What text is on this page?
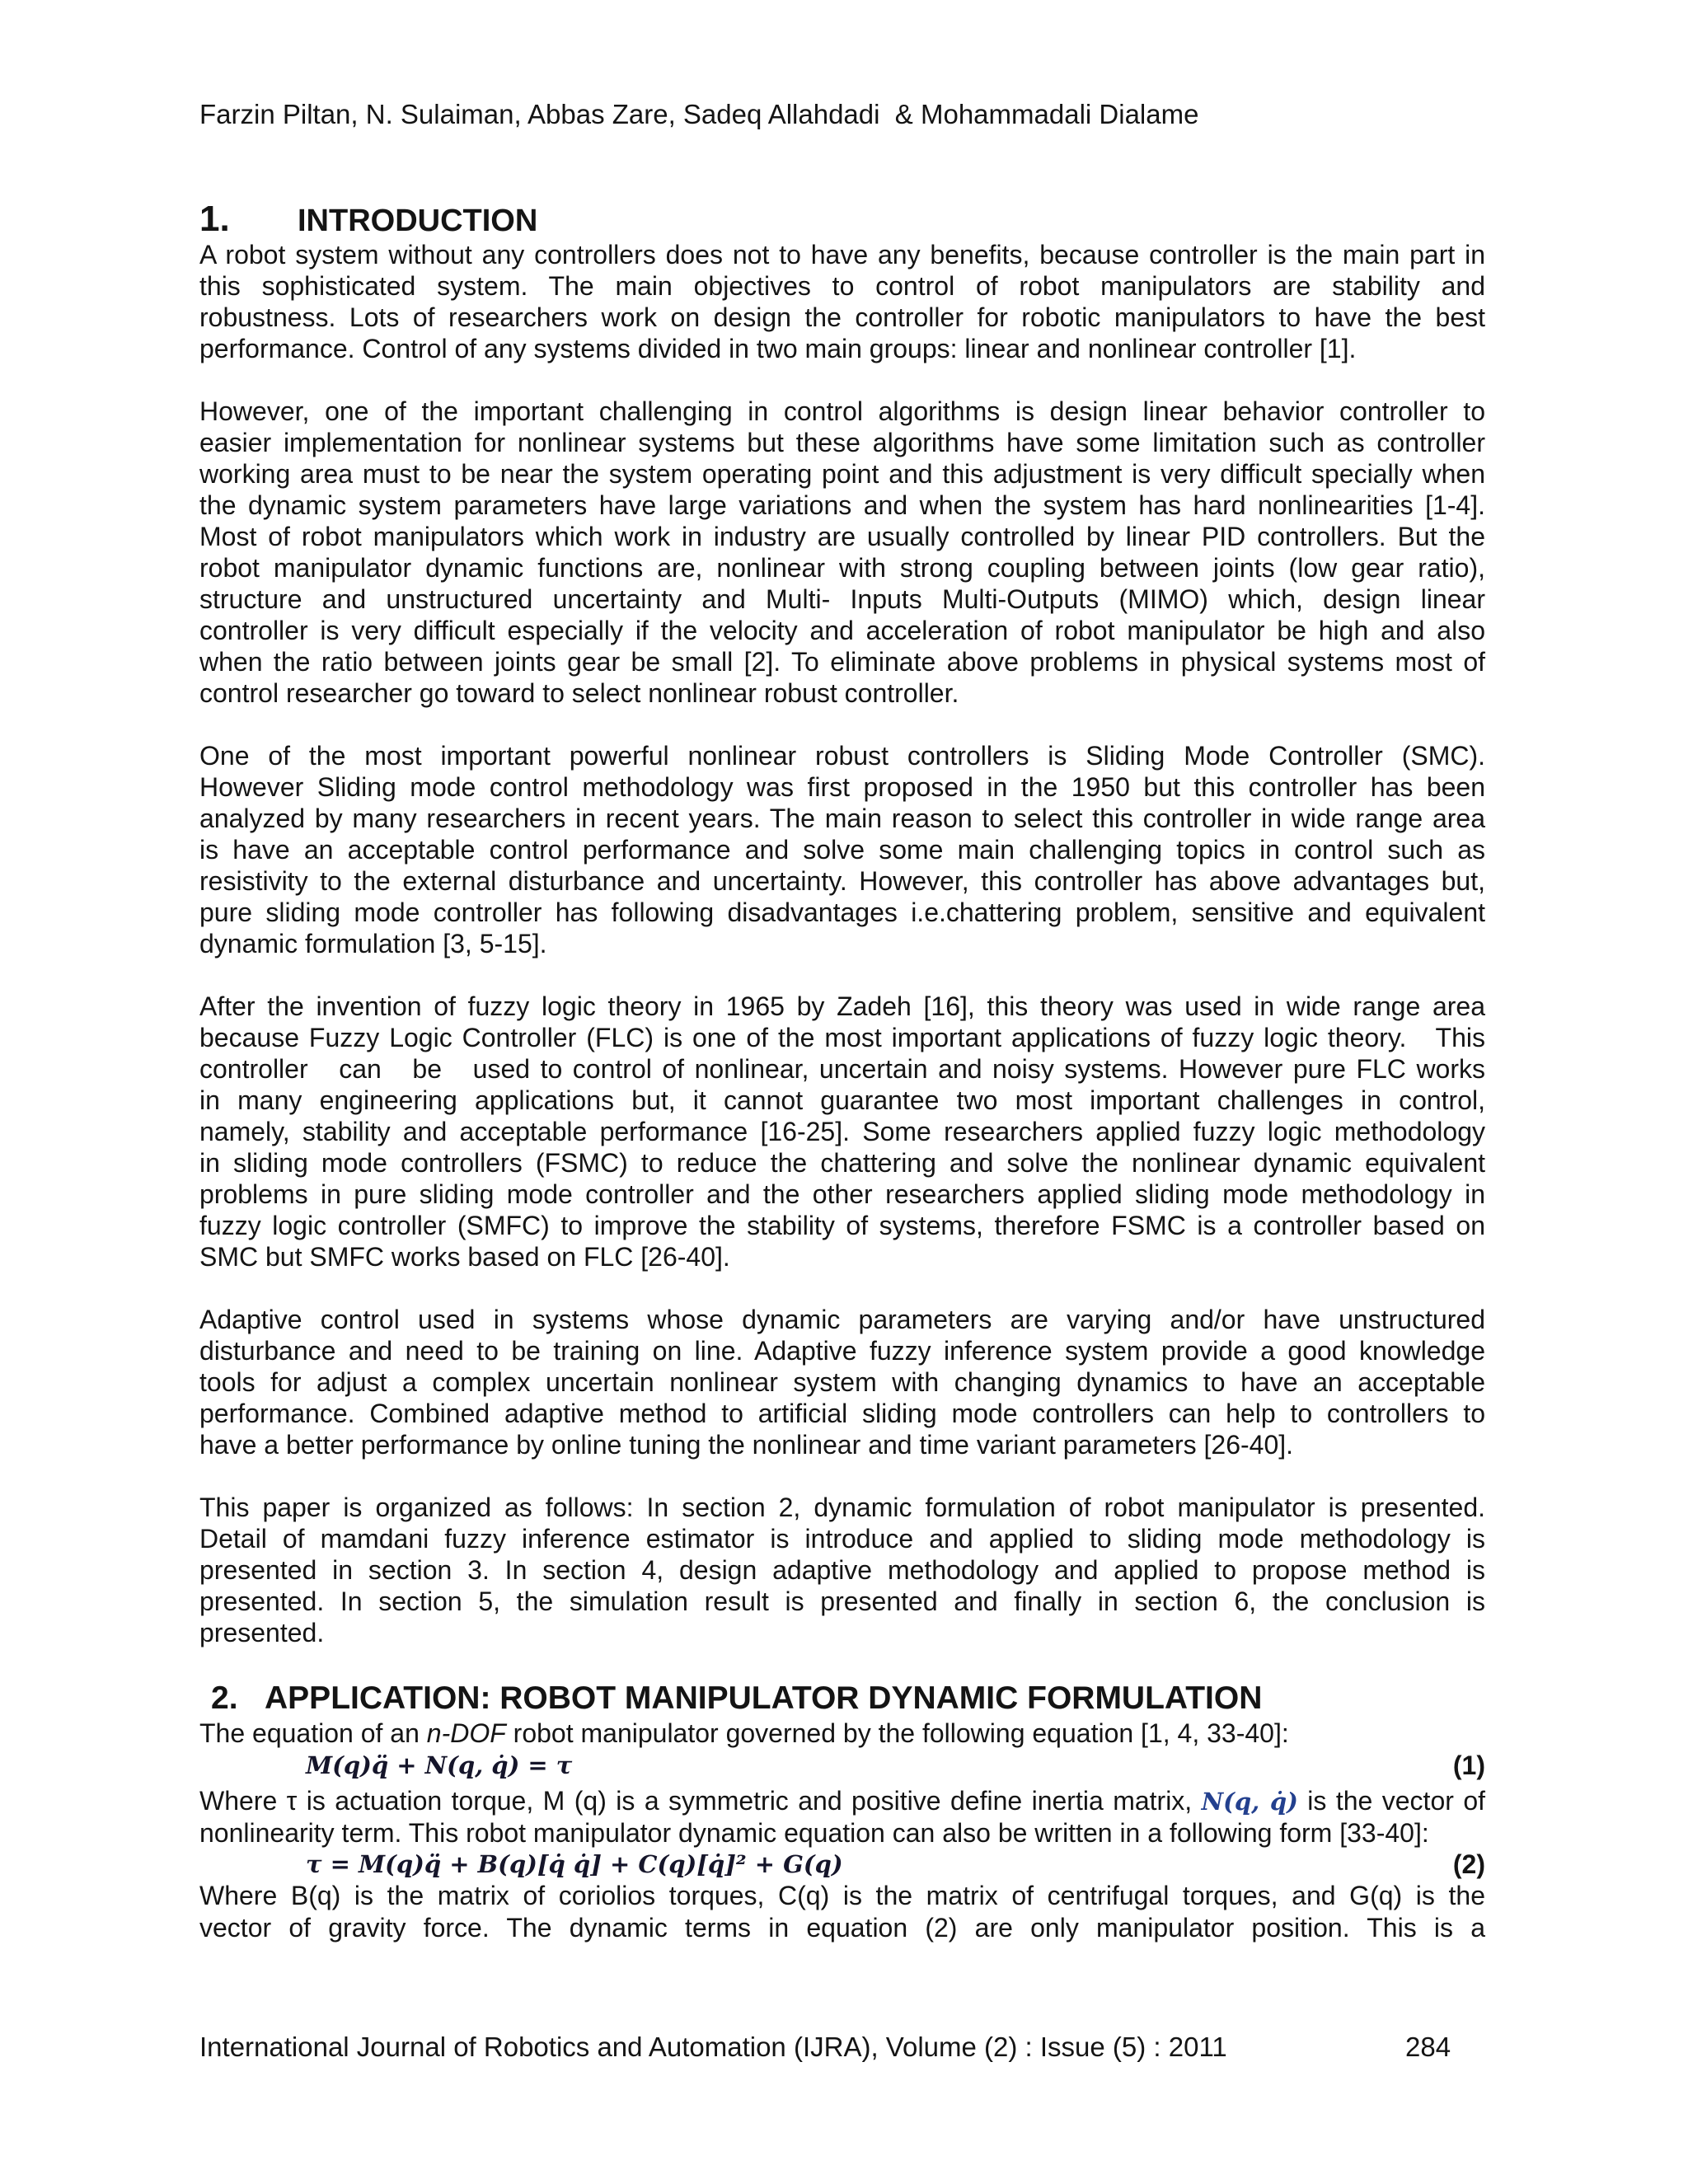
Farzin Piltan, N. Sulaiman, Abbas Zare, Sadeq Allahdadi  & Mohammadali Dialame
1. INTRODUCTION
A robot system without any controllers does not to have any benefits, because controller is the main part in
this sophisticated system. The main objectives to control of robot manipulators are stability and
robustness. Lots of researchers work on design the controller for robotic manipulators to have the best
performance. Control of any systems divided in two main groups: linear and nonlinear controller [1].
However, one of the important challenging in control algorithms is design linear behavior controller to
easier implementation for nonlinear systems but these algorithms have some limitation such as controller
working area must to be near the system operating point and this adjustment is very difficult specially when
the dynamic system parameters have large variations and when the system has hard nonlinearities [1-4].
Most of robot manipulators which work in industry are usually controlled by linear PID controllers. But the
robot manipulator dynamic functions are, nonlinear with strong coupling between joints (low gear ratio),
structure and unstructured uncertainty and Multi- Inputs Multi-Outputs (MIMO) which, design linear
controller is very difficult especially if the velocity and acceleration of robot manipulator be high and also
when the ratio between joints gear be small [2]. To eliminate above problems in physical systems most of
control researcher go toward to select nonlinear robust controller.
One of the most important powerful nonlinear robust controllers is Sliding Mode Controller (SMC).
However Sliding mode control methodology was first proposed in the 1950 but this controller has been
analyzed by many researchers in recent years. The main reason to select this controller in wide range area
is have an acceptable control performance and solve some main challenging topics in control such as
resistivity to the external disturbance and uncertainty. However, this controller has above advantages but,
pure sliding mode controller has following disadvantages i.e.chattering problem, sensitive and equivalent
dynamic formulation [3, 5-15].
After the invention of fuzzy logic theory in 1965 by Zadeh [16], this theory was used in wide range area
because Fuzzy Logic Controller (FLC) is one of the most important applications of fuzzy logic theory.   This
controller   can   be   used to control of nonlinear, uncertain and noisy systems. However pure FLC works
in many engineering applications but, it cannot guarantee two most important challenges in control,
namely, stability and acceptable performance [16-25]. Some researchers applied fuzzy logic methodology
in sliding mode controllers (FSMC) to reduce the chattering and solve the nonlinear dynamic equivalent
problems in pure sliding mode controller and the other researchers applied sliding mode methodology in
fuzzy logic controller (SMFC) to improve the stability of systems, therefore FSMC is a controller based on
SMC but SMFC works based on FLC [26-40].
Adaptive control used in systems whose dynamic parameters are varying and/or have unstructured
disturbance and need to be training on line. Adaptive fuzzy inference system provide a good knowledge
tools for adjust a complex uncertain nonlinear system with changing dynamics to have an acceptable
performance. Combined adaptive method to artificial sliding mode controllers can help to controllers to
have a better performance by online tuning the nonlinear and time variant parameters [26-40].
This paper is organized as follows: In section 2, dynamic formulation of robot manipulator is presented.
Detail of mamdani fuzzy inference estimator is introduce and applied to sliding mode methodology is
presented in section 3. In section 4, design adaptive methodology and applied to propose method is
presented. In section 5, the simulation result is presented and finally in section 6, the conclusion is
presented.
2. APPLICATION: ROBOT MANIPULATOR DYNAMIC FORMULATION
The equation of an n-DOF robot manipulator governed by the following equation [1, 4, 33-40]:
M(q)q̈ + N(q, q̇) = τ	(1)
Where τ is actuation torque, M (q) is a symmetric and positive define inertia matrix, N(q, q̇) is the vector of
nonlinearity term. This robot manipulator dynamic equation can also be written in a following form [33-40]:
τ = M(q)q̈ + B(q)[q̇ q̇] + C(q)[q̇]² + G(q)	(2)
Where B(q) is the matrix of coriolios torques, C(q) is the matrix of centrifugal torques, and G(q) is the
vector of gravity force. The dynamic terms in equation (2) are only manipulator position. This is a
International Journal of Robotics and Automation (IJRA), Volume (2) : Issue (5) : 2011	284
